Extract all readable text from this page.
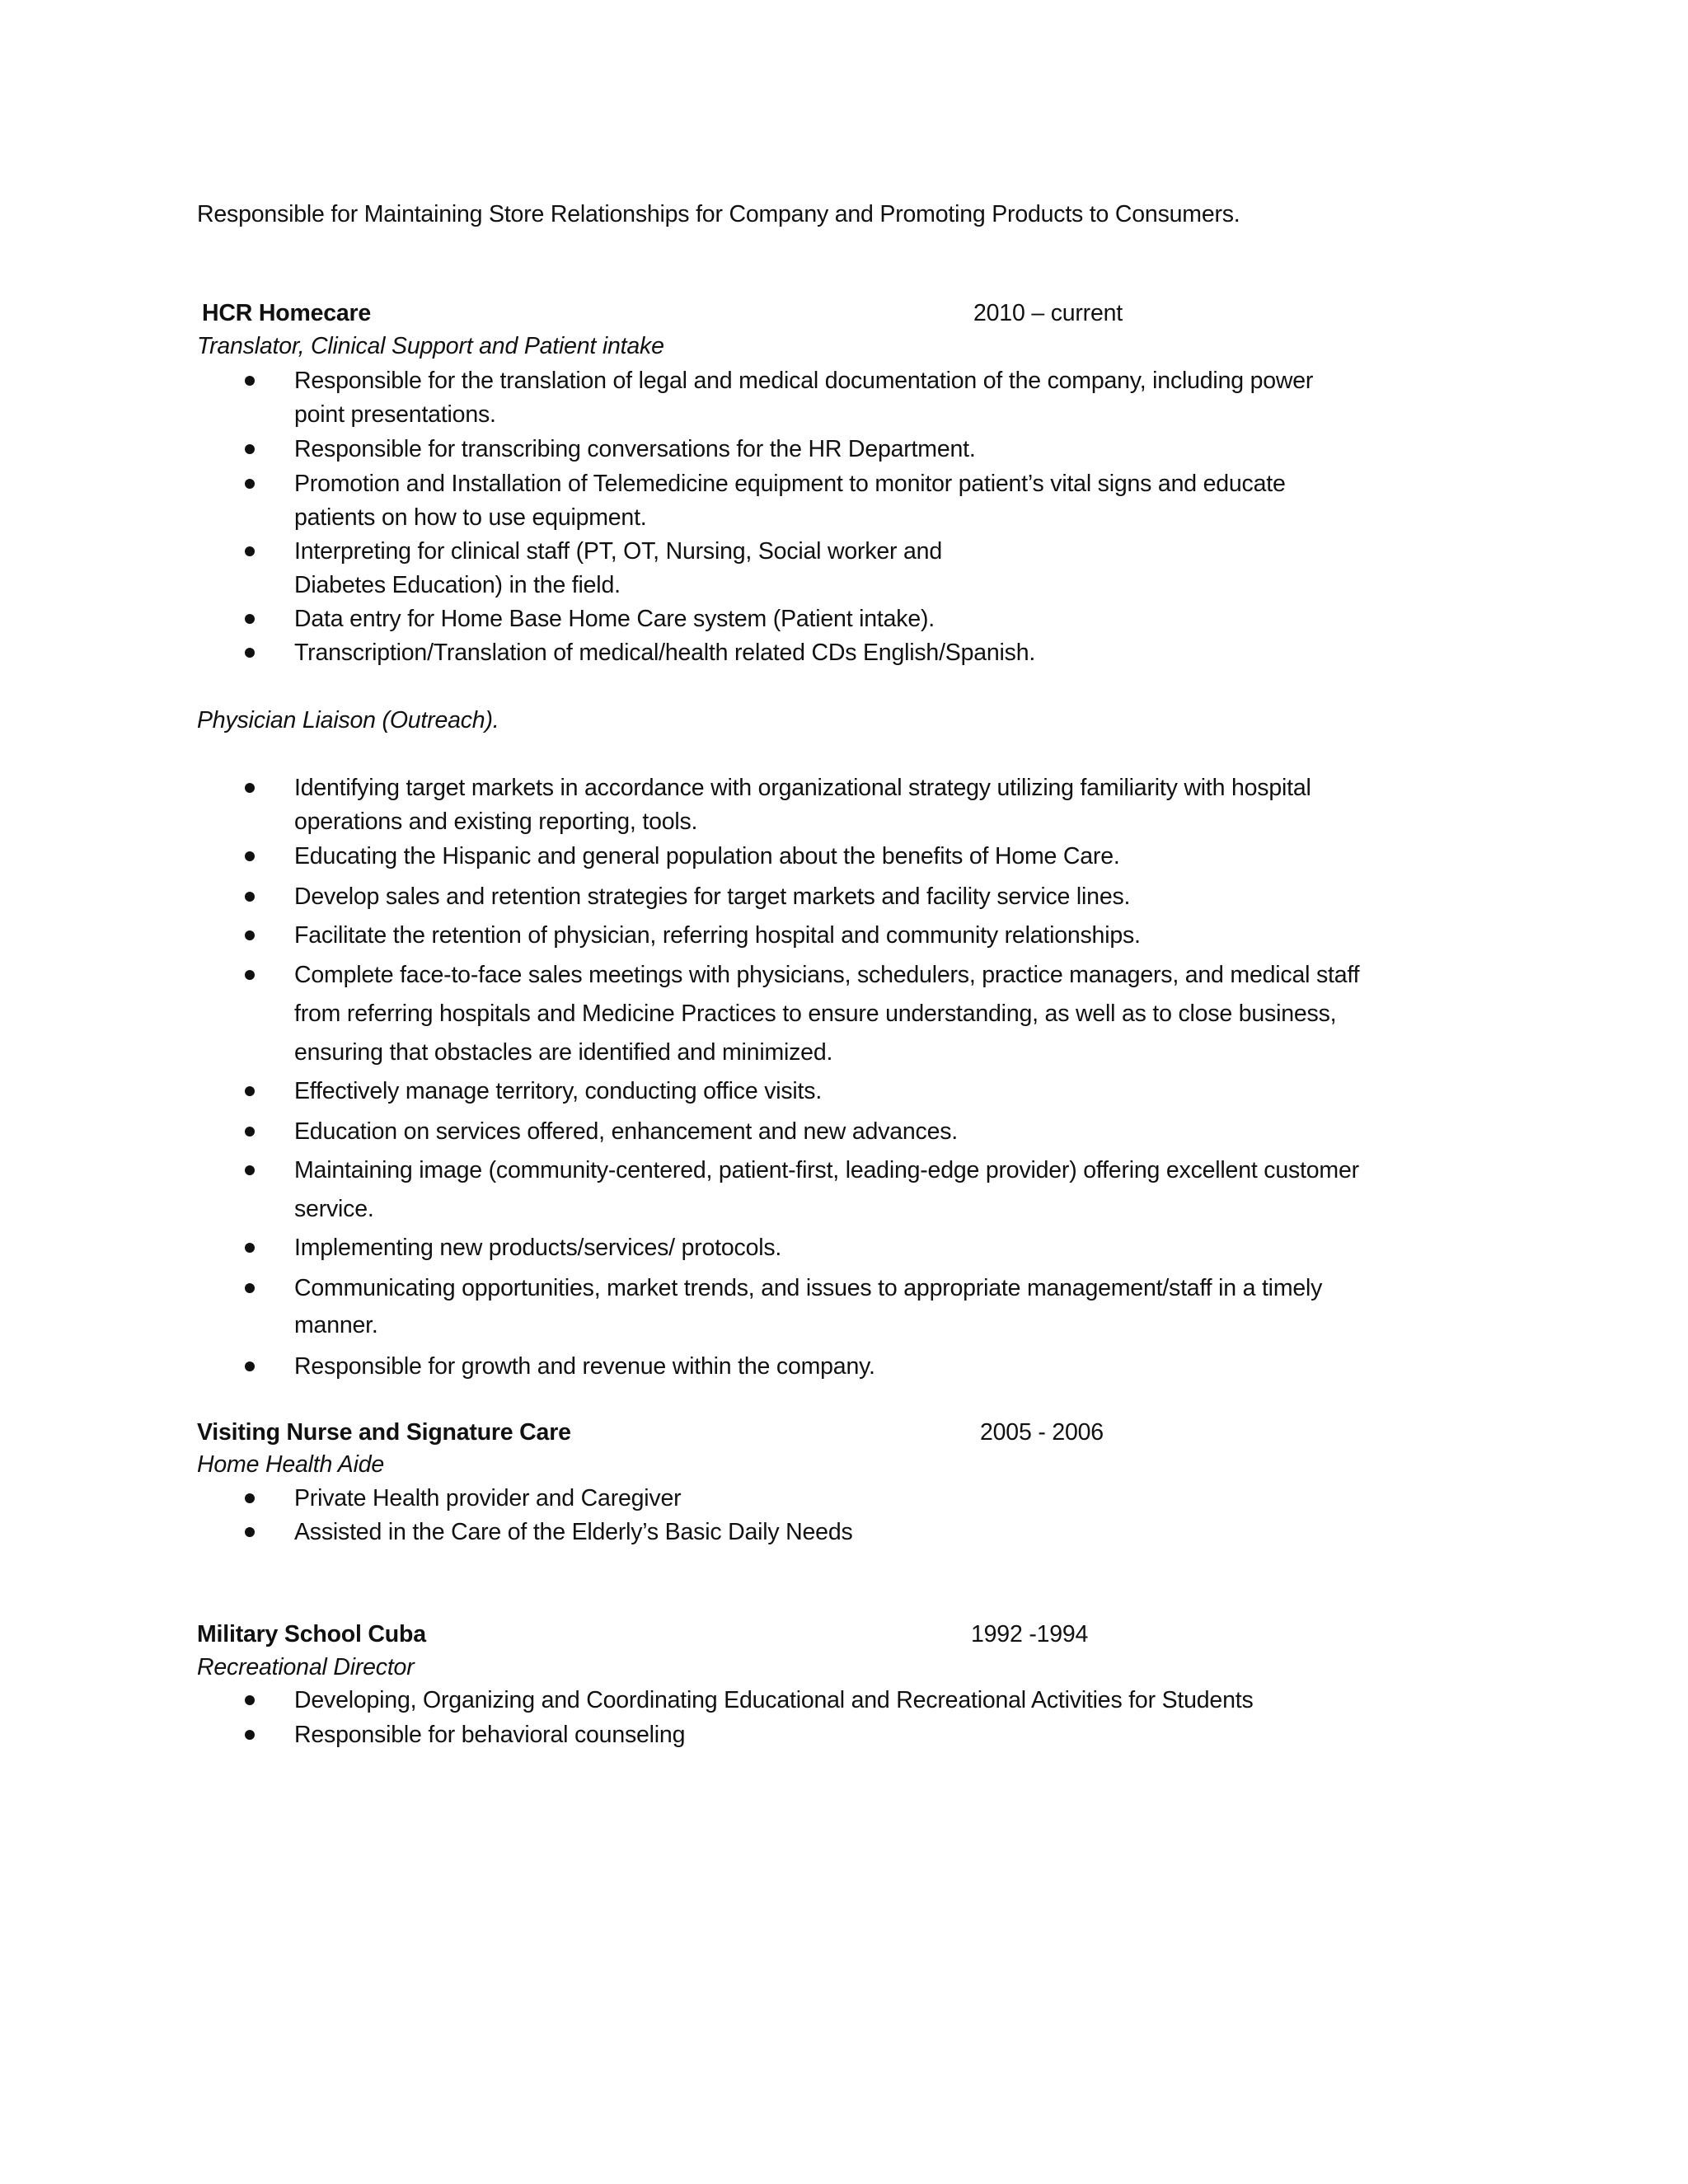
Responsible for Maintaining Store Relationships for Company and Promoting Products to Consumers.
HCR Homecare	2010 – current
Translator, Clinical Support and Patient intake
Responsible for the translation of legal and medical documentation of the company, including power
point presentations.
Responsible for transcribing conversations for the HR Department.
Promotion and Installation of Telemedicine equipment to monitor patient’s vital signs and educate
patients on how to use equipment.
Interpreting for clinical staff (PT, OT, Nursing, Social worker and
Diabetes Education) in the field.
Data entry for Home Base Home Care system (Patient intake).
Transcription/Translation of medical/health related CDs English/Spanish.
Physician Liaison (Outreach).
Identifying target markets in accordance with organizational strategy utilizing familiarity with hospital
operations and existing reporting, tools.
Educating the Hispanic and general population about the benefits of Home Care.
Develop sales and retention strategies for target markets and facility service lines.
Facilitate the retention of physician, referring hospital and community relationships.
Complete face-to-face sales meetings with physicians, schedulers, practice managers, and medical staff
from referring hospitals and Medicine Practices to ensure understanding, as well as to close business,
ensuring that obstacles are identified and minimized.
Effectively manage territory, conducting office visits.
Education on services offered, enhancement and new advances.
Maintaining image (community-centered, patient-first, leading-edge provider) offering excellent customer
service.
Implementing new products/services/ protocols.
Communicating opportunities, market trends, and issues to appropriate management/staff in a timely
manner.
Responsible for growth and revenue within the company.
Visiting Nurse and Signature Care	2005 - 2006
Home Health Aide
Private Health provider and Caregiver
Assisted in the Care of the Elderly’s Basic Daily Needs
Military School Cuba	1992 -1994
Recreational Director
Developing, Organizing and Coordinating Educational and Recreational Activities for Students
Responsible for behavioral counseling
